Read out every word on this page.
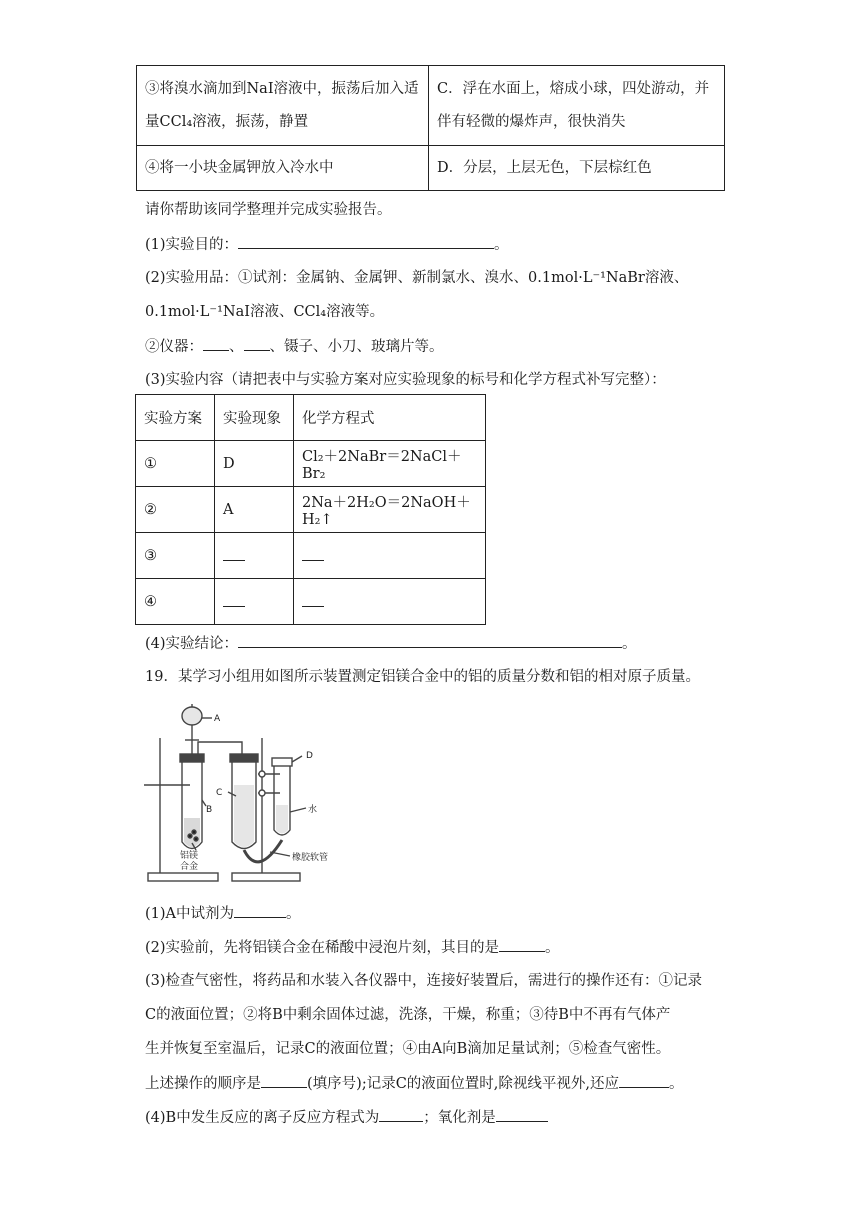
③将溴水滴加到NaI溶液中，振荡后加入适量CCl₄溶液，振荡，静置	C．浮在水面上，熔成小球，四处游动，并伴有轻微的爆炸声，很快消失
④将一小块金属钾放入冷水中	D．分层，上层无色，下层棕红色
请你帮助该同学整理并完成实验报告。
(1)实验目的：	。
(2)实验用品：①试剂：金属钠、金属钾、新制氯水、溴水、0.1mol·L⁻¹NaBr溶液、
0.1mol·L⁻¹NaI溶液、CCl₄溶液等。
②仪器： 、 、镊子、小刀、玻璃片等。
(3)实验内容（请把表中与实验方案对应实验现象的标号和化学方程式补写完整）：
实验方案	实验现象	化学方程式
①	D	Cl₂＋2NaBr＝2NaCl＋Br₂
②	A	2Na＋2H₂O＝2NaOH＋H₂↑
③		
④		
(4)实验结论：	。
19．某学习小组用如图所示装置测定铝镁合金中的铝的质量分数和铝的相对原子质量。
A
D
C
B	水
铝镁
合金
橡胶软管
(1)A中试剂为	。
(2)实验前，先将铝镁合金在稀酸中浸泡片刻，其目的是	。
(3)检查气密性，将药品和水装入各仪器中，连接好装置后，需进行的操作还有：①记录
C的液面位置；②将B中剩余固体过滤，洗涤，干燥，称重；③待B中不再有气体产
生并恢复至室温后，记录C的液面位置；④由A向B滴加足量试剂；⑤检查气密性。
上述操作的顺序是	(填序号);记录C的液面位置时,除视线平视外,还应	。
(4)B中发生反应的离子反应方程式为	；氧化剂是
